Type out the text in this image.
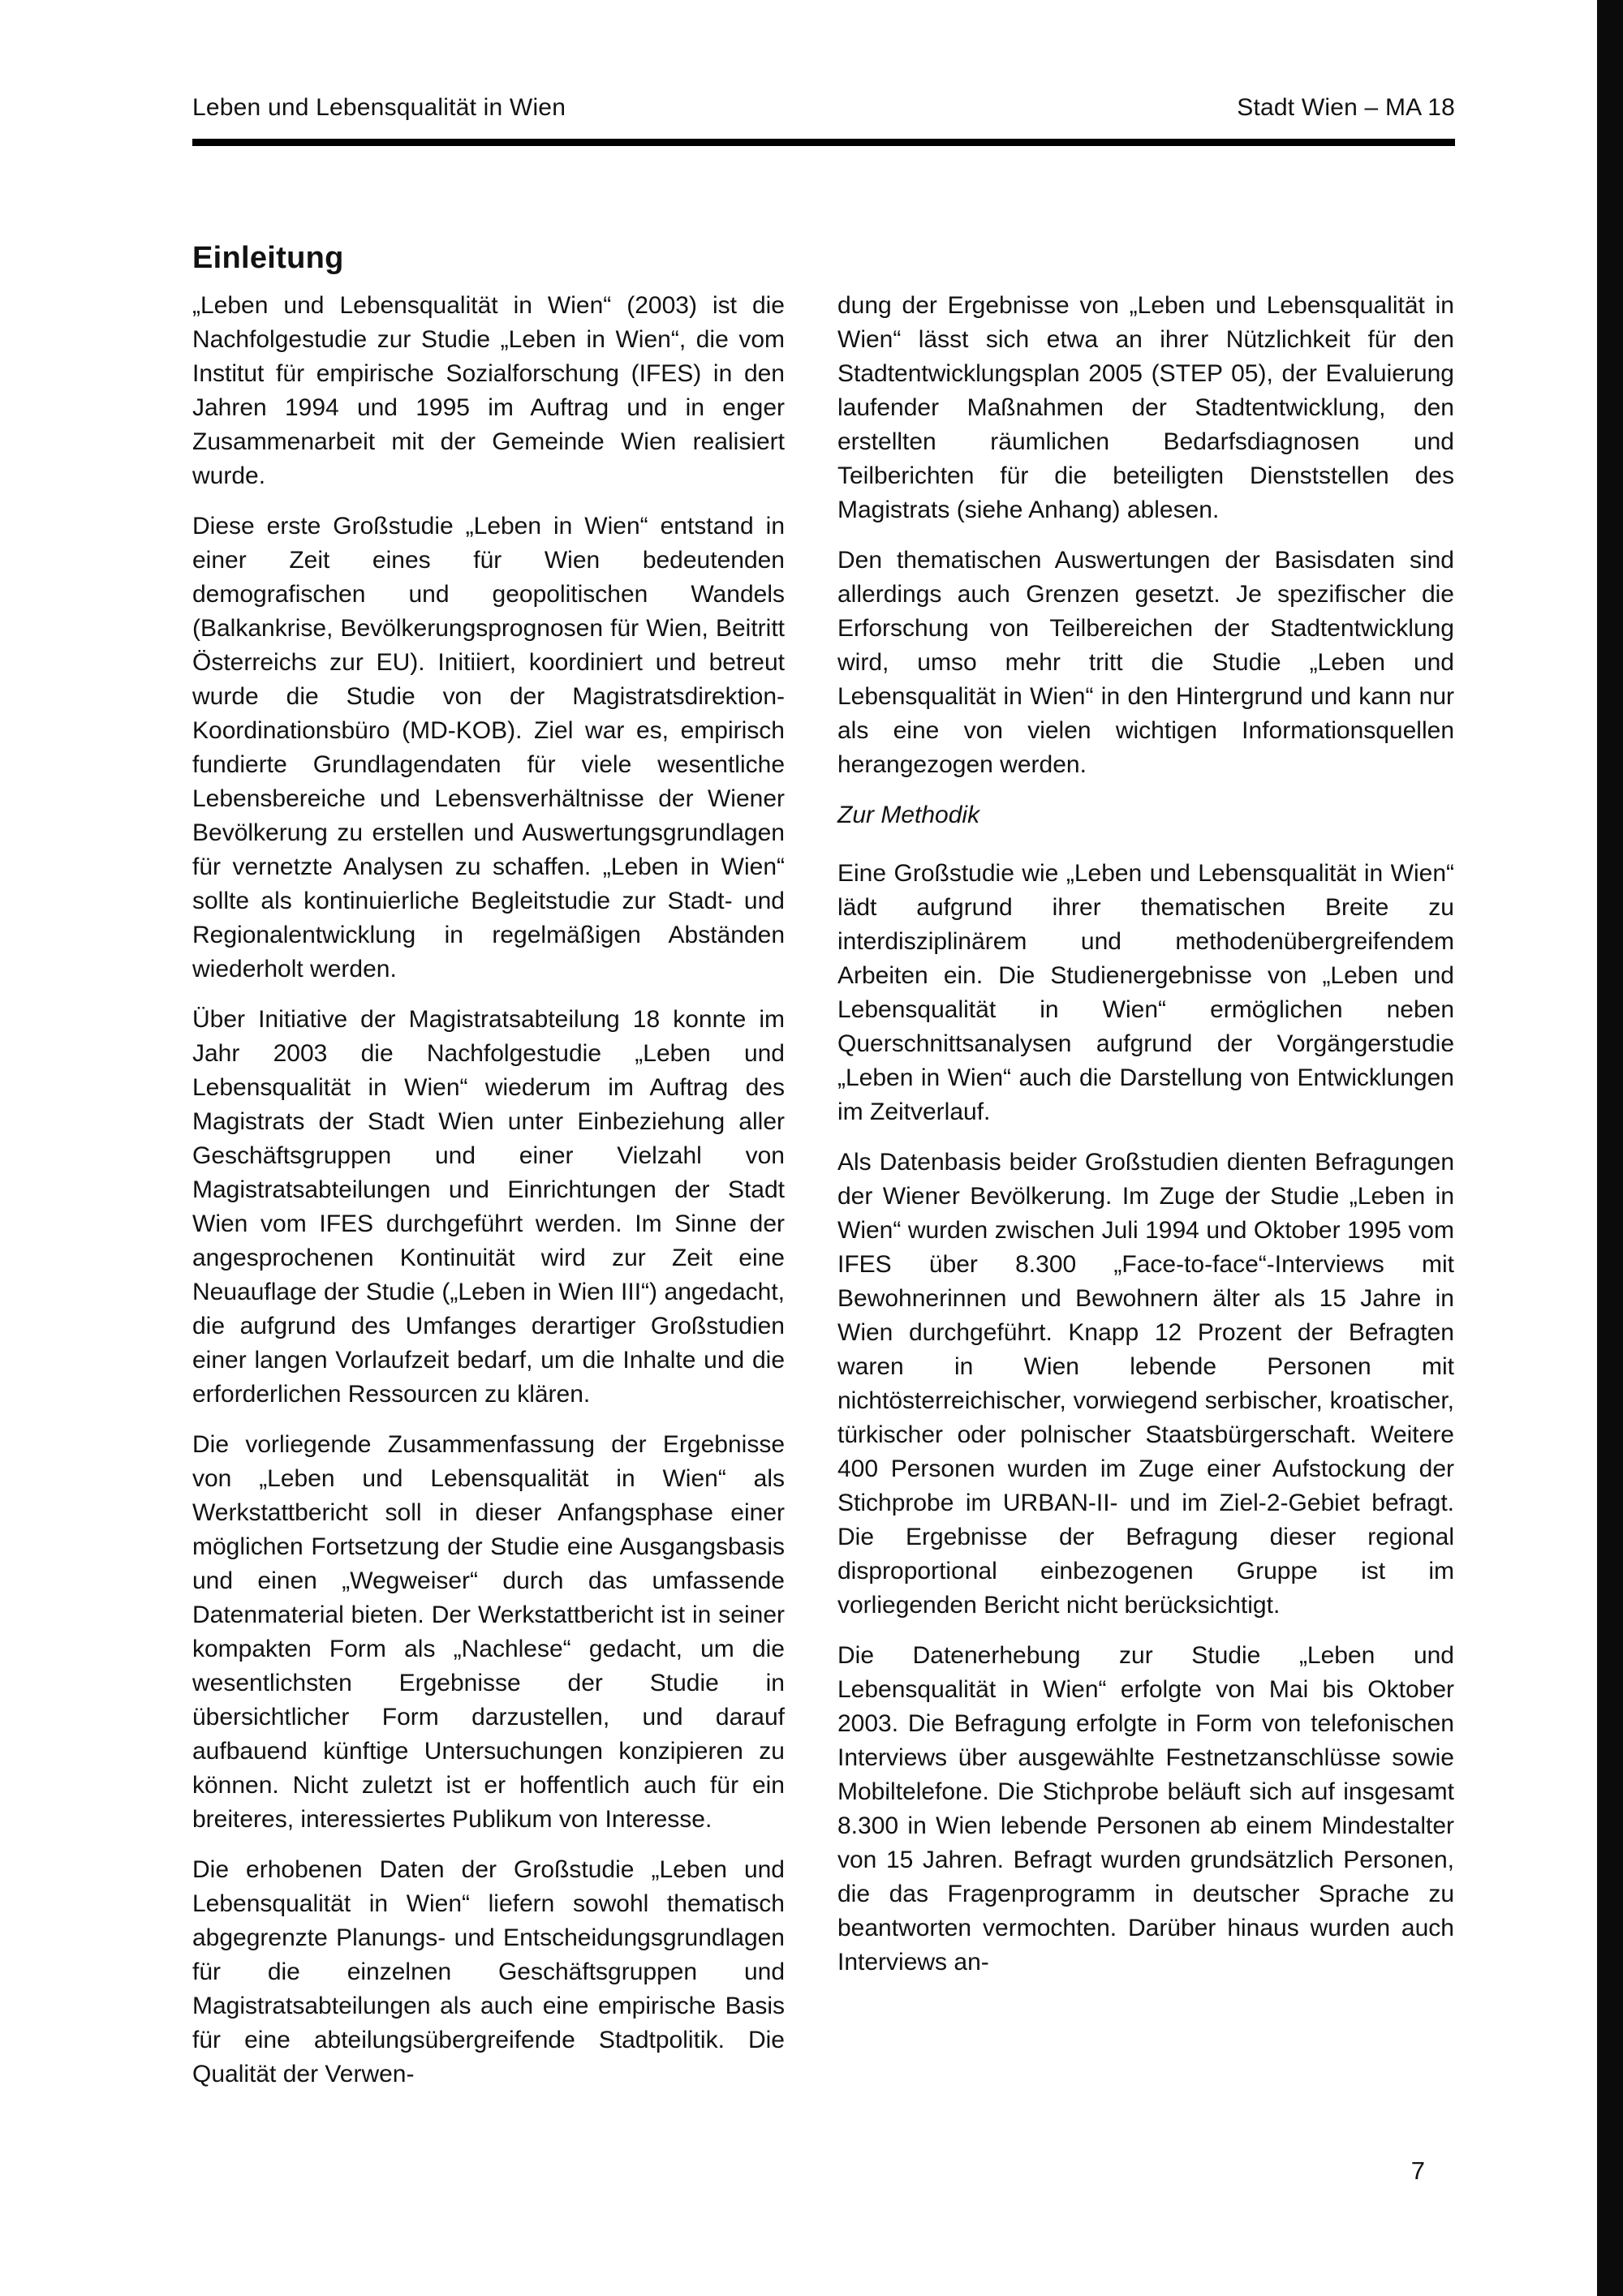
Leben und Lebensqualität in Wien	Stadt Wien – MA 18
Einleitung

„Leben und Lebensqualität in Wien“ (2003) ist die Nachfolgestudie zur Studie „Leben in Wien“, die vom Institut für empirische Sozialforschung (IFES) in den Jahren 1994 und 1995 im Auftrag und in enger Zusammenarbeit mit der Gemeinde Wien realisiert wurde.

Diese erste Großstudie „Leben in Wien“ entstand in einer Zeit eines für Wien bedeutenden demografischen und geopolitischen Wandels (Balkankrise, Bevölkerungsprognosen für Wien, Beitritt Österreichs zur EU). Initiiert, koordiniert und betreut wurde die Studie von der Magistratsdirektion-Koordinationsbüro (MD-KOB). Ziel war es, empirisch fundierte Grundlagendaten für viele wesentliche Lebensbereiche und Lebensverhältnisse der Wiener Bevölkerung zu erstellen und Auswertungsgrundlagen für vernetzte Analysen zu schaffen. „Leben in Wien“ sollte als kontinuierliche Begleitstudie zur Stadt- und Regionalentwicklung in regelmäßigen Abständen wiederholt werden.

Über Initiative der Magistratsabteilung 18 konnte im Jahr 2003 die Nachfolgestudie „Leben und Lebensqualität in Wien“ wiederum im Auftrag des Magistrats der Stadt Wien unter Einbeziehung aller Geschäftsgruppen und einer Vielzahl von Magistratsabteilungen und Einrichtungen der Stadt Wien vom IFES durchgeführt werden. Im Sinne der angesprochenen Kontinuität wird zur Zeit eine Neuauflage der Studie („Leben in Wien III“) angedacht, die aufgrund des Umfanges derartiger Großstudien einer langen Vorlaufzeit bedarf, um die Inhalte und die erforderlichen Ressourcen zu klären.

Die vorliegende Zusammenfassung der Ergebnisse von „Leben und Lebensqualität in Wien“ als Werkstattbericht soll in dieser Anfangsphase einer möglichen Fortsetzung der Studie eine Ausgangsbasis und einen „Wegweiser“ durch das umfassende Datenmaterial bieten. Der Werkstattbericht ist in seiner kompakten Form als „Nachlese“ gedacht, um die wesentlichsten Ergebnisse der Studie in übersichtlicher Form darzustellen, und darauf aufbauend künftige Untersuchungen konzipieren zu können. Nicht zuletzt ist er hoffentlich auch für ein breiteres, interessiertes Publikum von Interesse.

Die erhobenen Daten der Großstudie „Leben und Lebensqualität in Wien“ liefern sowohl thematisch abgegrenzte Planungs- und Entscheidungsgrundlagen für die einzelnen Geschäftsgruppen und Magistratsabteilungen als auch eine empirische Basis für eine abteilungsübergreifende Stadtpolitik. Die Qualität der Verwen-

dung der Ergebnisse von „Leben und Lebensqualität in Wien“ lässt sich etwa an ihrer Nützlichkeit für den Stadtentwicklungsplan 2005 (STEP 05), der Evaluierung laufender Maßnahmen der Stadtentwicklung, den erstellten räumlichen Bedarfsdiagnosen und Teilberichten für die beteiligten Dienststellen des Magistrats (siehe Anhang) ablesen.

Den thematischen Auswertungen der Basisdaten sind allerdings auch Grenzen gesetzt. Je spezifischer die Erforschung von Teilbereichen der Stadtentwicklung wird, umso mehr tritt die Studie „Leben und Lebensqualität in Wien“ in den Hintergrund und kann nur als eine von vielen wichtigen Informationsquellen herangezogen werden.

Zur Methodik

Eine Großstudie wie „Leben und Lebensqualität in Wien“ lädt aufgrund ihrer thematischen Breite zu interdisziplinärem und methodenübergreifendem Arbeiten ein. Die Studienergebnisse von „Leben und Lebensqualität in Wien“ ermöglichen neben Querschnittsanalysen aufgrund der Vorgängerstudie „Leben in Wien“ auch die Darstellung von Entwicklungen im Zeitverlauf.

Als Datenbasis beider Großstudien dienten Befragungen der Wiener Bevölkerung. Im Zuge der Studie „Leben in Wien“ wurden zwischen Juli 1994 und Oktober 1995 vom IFES über 8.300 „Face-to-face“-Interviews mit Bewohnerinnen und Bewohnern älter als 15 Jahre in Wien durchgeführt. Knapp 12 Prozent der Befragten waren in Wien lebende Personen mit nichtösterreichischer, vorwiegend serbischer, kroatischer, türkischer oder polnischer Staatsbürgerschaft. Weitere 400 Personen wurden im Zuge einer Aufstockung der Stichprobe im URBAN-II- und im Ziel-2-Gebiet befragt. Die Ergebnisse der Befragung dieser regional disproportional einbezogenen Gruppe ist im vorliegenden Bericht nicht berücksichtigt.

Die Datenerhebung zur Studie „Leben und Lebensqualität in Wien“ erfolgte von Mai bis Oktober 2003. Die Befragung erfolgte in Form von telefonischen Interviews über ausgewählte Festnetzanschlüsse sowie Mobiltelefone. Die Stichprobe beläuft sich auf insgesamt 8.300 in Wien lebende Personen ab einem Mindestalter von 15 Jahren. Befragt wurden grundsätzlich Personen, die das Fragenprogramm in deutscher Sprache zu beantworten vermochten. Darüber hinaus wurden auch Interviews an-

7
